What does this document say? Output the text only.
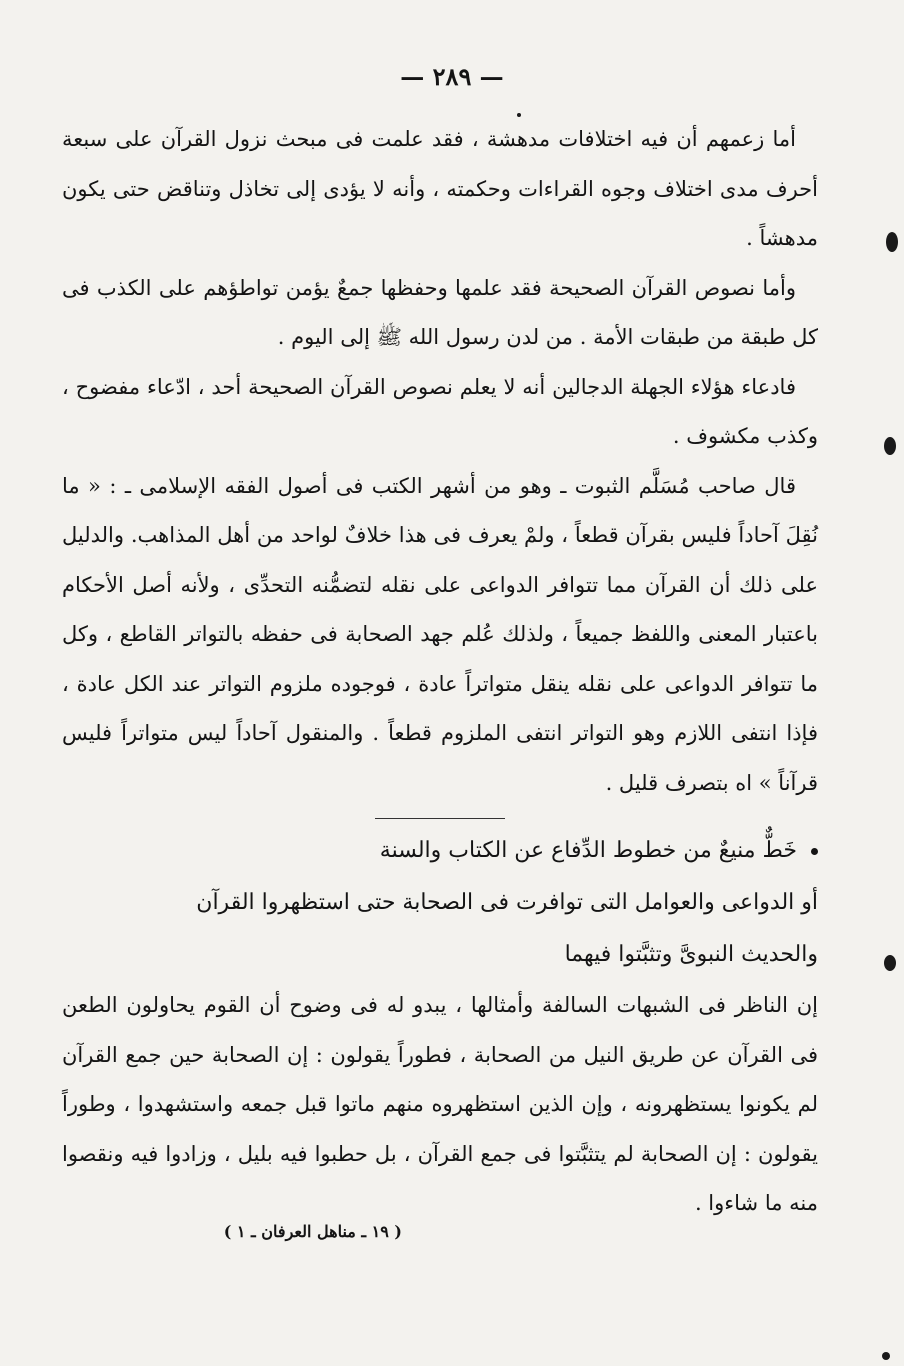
— ٢٨٩ —

أما زعمهم أن فيه اختلافات مدهشة ، فقد علمت فى مبحث نزول القرآن على سبعة أحرف مدى اختلاف وجوه القراءات وحكمته ، وأنه لا يؤدى إلى تخاذل وتناقض حتى يكون مدهشاً .

وأما نصوص القرآن الصحيحة فقد علمها وحفظها جمعٌ يؤمن تواطؤهم على الكذب فى كل طبقة من طبقات الأمة . من لدن رسول الله ﷺ إلى اليوم .

فادعاء هؤلاء الجهلة الدجالين أنه لا يعلم نصوص القرآن الصحيحة أحد ، ادّعاء مفضوح ، وكذب مكشوف .

قال صاحب مُسَلَّم الثبوت ـ وهو من أشهر الكتب فى أصول الفقه الإسلامى ـ : « ما نُقِلَ آحاداً فليس بقرآن قطعاً ، ولمْ يعرف فى هذا خلافٌ لواحد من أهل المذاهب. والدليل على ذلك أن القرآن مما تتوافر الدواعى على نقله لتضمُّنه التحدِّى ، ولأنه أصل الأحكام باعتبار المعنى واللفظ جميعاً ، ولذلك عُلم جهد الصحابة فى حفظه بالتواتر القاطع ، وكل ما تتوافر الدواعى على نقله ينقل متواتراً عادة ، فوجوده ملزوم التواتر عند الكل عادة ، فإذا انتفى اللازم وهو التواتر انتفى الملزوم قطعاً . والمنقول آحاداً ليس متواتراً فليس قرآناً » اه بتصرف قليل .

خَطٌّ منيعٌ من خطوط الدِّفاع عن الكتاب والسنة

أو الدواعى والعوامل التى توافرت فى الصحابة حتى استظهروا القرآن

والحديث النبوىَّ وتثبَّتوا فيهما

إن الناظر فى الشبهات السالفة وأمثالها ، يبدو له فى وضوح أن القوم يحاولون الطعن فى القرآن عن طريق النيل من الصحابة ، فطوراً يقولون : إن الصحابة حين جمع القرآن لم يكونوا يستظهرونه ، وإن الذين استظهروه منهم ماتوا قبل جمعه واستشهدوا ، وطوراً يقولون : إن الصحابة لم يتثبَّتوا فى جمع القرآن ، بل حطبوا فيه بليل ، وزادوا فيه ونقصوا منه ما شاءوا .

( ١٩ ـ مناهل العرفان ـ ١ )
